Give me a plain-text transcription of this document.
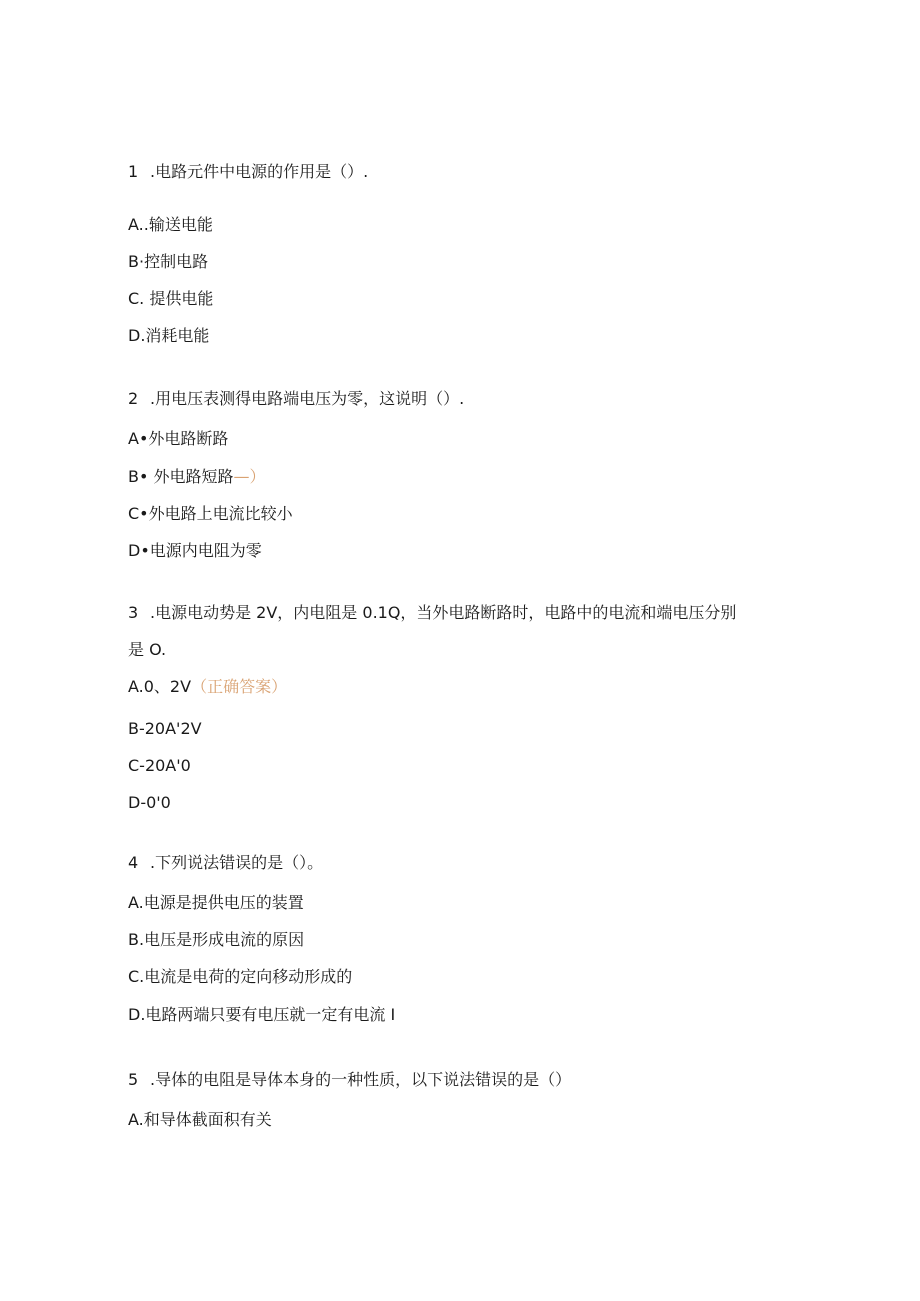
1 .电路元件中电源的作用是（）.
A..输送电能
B·控制电路
C. 提供电能
D.消耗电能
2 .用电压表测得电路端电压为零，这说明（）.
A•外电路断路
B• 外电路短路—）
C•外电路上电流比较小
D•电源内电阻为零
3 .电源电动势是 2V，内电阻是 0.1Q，当外电路断路时，电路中的电流和端电压分别
是 O.
A.0、2V（正确答案）
B-20A'2V
C-20A'0
D-0'0
4 .下列说法错误的是（）。
A.电源是提供电压的装置
B.电压是形成电流的原因
C.电流是电荷的定向移动形成的
D.电路两端只要有电压就一定有电流 I
5 .导体的电阻是导体本身的一种性质，以下说法错误的是（）
A.和导体截面积有关
